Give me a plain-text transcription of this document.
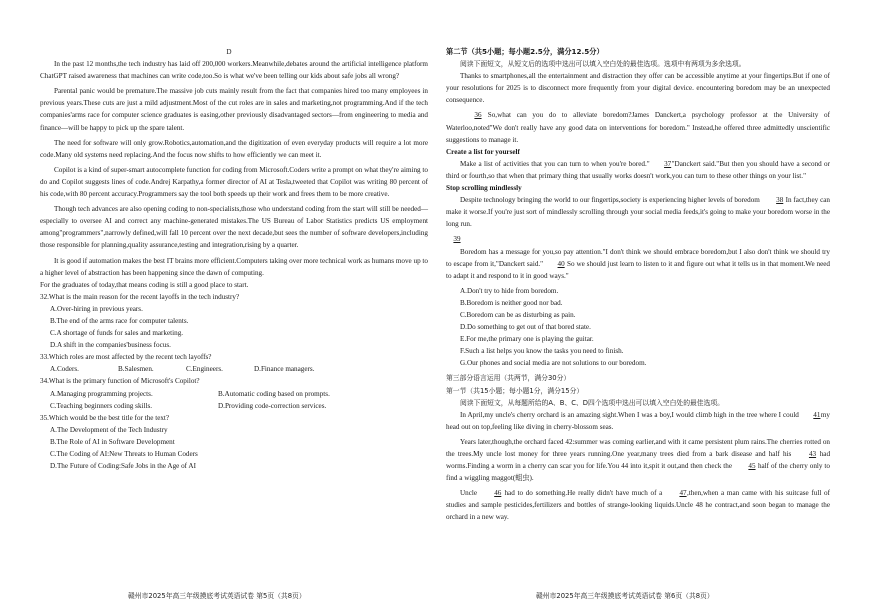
D
In the past 12 months,the tech industry has laid off 200,000 workers.Meanwhile,debates around the artificial intelligence platform ChatGPT raised awareness that machines can write code,too.So is what we've been telling our kids about safe jobs all wrong?
Parental panic would be premature.The massive job cuts mainly result from the fact that companies hired too many employees in previous years.These cuts are just a mild adjustment.Most of the cut roles are in sales and marketing,not programming.And if the tech companies'arms race for computer science graduates is easing,other previously disadvantaged sectors—from engineering to media and finance—will be happy to pick up the spare talent.
The need for software will only grow.Robotics,automation,and the digitization of even everyday products will require a lot more code.Many old systems need replacing.And the focus now shifts to how efficiently we can meet it.
Copilot is a kind of super-smart autocomplete function for coding from Microsoft.Coders write a prompt on what they're aiming to do and Copilot suggests lines of code.Andrej Karpathy,a former director of AI at Tesla,tweeted that Copilot was writing 80 percent of his code,with 80 percent accuracy.Programmers say the tool both speeds up their work and frees them to be more creative.
Though tech advances are also opening coding to non-specialists,those who understand coding from the start will still be needed—especially to oversee AI and correct any machine-generated mistakes.The US Bureau of Labor Statistics predicts US employment among"programmers",narrowly defined,will fall 10 percent over the next decade,but sees the number of software developers,including those responsible for planning,quality assurance,testing and integration,rising by a quarter.
It is good if automation makes the best IT brains more efficient.Computers taking over more technical work as humans move up to a higher level of abstraction has been happening since the dawn of computing.
For the graduates of today,that means coding is still a good place to start.
32.What is the main reason for the recent layoffs in the tech industry?
A.Over-hiring in previous years.
B.The end of the arms race for computer talents.
C.A shortage of funds for sales and marketing.
D.A shift in the companies'business focus.
33.Which roles are most affected by the recent tech layoffs?
A.Coders.	B.Salesmen.	C.Engineers.	D.Finance managers.
34.What is the primary function of Microsoft's Copilot?
A.Managing programming projects.	B.Automatic coding based on prompts.
C.Teaching beginners coding skills.	D.Providing code-correction services.
35.Which would be the best title for the text?
A.The Development of the Tech Industry
B.The Role of AI in Software Development
C.The Coding of AI:New Threats to Human Coders
D.The Future of Coding:Safe Jobs in the Age of AI
第二节（共5小题；每小题2.5分，满分12.5分）
阅读下面短文，从短文后的选项中选出可以填入空白处的最佳选项。选项中有两项为多余选项。
Thanks to smartphones,all the entertainment and distraction they offer can be accessible anytime at your fingertips.But if one of your resolutions for 2025 is to disconnect more frequently from your digital device. encountering boredom may be an unexpected consequence.
36 So,what can you do to alleviate boredom?James Danckert,a psychology professor at the University of Waterloo,noted"We don't really have any good data on interventions for boredom." Instead,he offered three admittedly unscientific suggestions to manage it.
Create a list for yourself
Make a list of activities that you can turn to when you're bored." 37"Danckert said."But then you should have a second or third or fourth,so that when that primary thing that usually works doesn't work,you can turn to these other things on your list."
Stop scrolling mindlessly
Despite technology bringing the world to our fingertips,society is experiencing higher levels of boredom 38 In fact,they can make it worse.If you're just sort of mindlessly scrolling through your social media feeds,it's going to make your boredom worse in the long run.
39
Boredom has a message for you,so pay attention."I don't think we should embrace boredom,but I also don't think we should try to escape from it,"Danckert said." 40 So we should just learn to listen to it and figure out what it tells us in that moment.We need to adapt it and respond to it in good ways."
A.Don't try to hide from boredom.
B.Boredom is neither good nor bad.
C.Boredom can be as disturbing as pain.
D.Do something to get out of that bored state.
E.For me,the primary one is playing the guitar.
F.Such a list helps you know the tasks you need to finish.
G.Our phones and social media are not solutions to our boredom.
第三部分语言运用（共两节，满分30分）
第一节（共15小题；每小题1分，满分15分）
阅读下面短文，从每题所给的A、B、C、D四个选项中选出可以填入空白处的最佳选项。
In April,my uncle's cherry orchard is an amazing sight.When I was a boy,I would climb high in the tree where I could 41my head out on top,feeling like diving in cherry-blossom seas.
Years later,though,the orchard faced 42:summer was coming earlier,and with it came persistent plum rains.The cherries rotted on the trees.My uncle lost money for three years running.One year,many trees died from a bark disease and half his 43 had worms.Finding a worm in a cherry can scar you for life.You 44 into it,spit it out,and then check the 45 half of the cherry only to find a wiggling maggot(蛆虫).
Uncle 46 had to do something.He really didn't have much of a 47,then,when a man came with his suitcase full of studies and sample pesticides,fertilizers and bottles of strange-looking liquids.Uncle 48 he contract,and soon began to manage the orchard in a new way.
赣州市2025年高三年级摸底考试英语试卷 第5页（共8页）	赣州市2025年高三年级摸底考试英语试卷 第6页（共8页）
